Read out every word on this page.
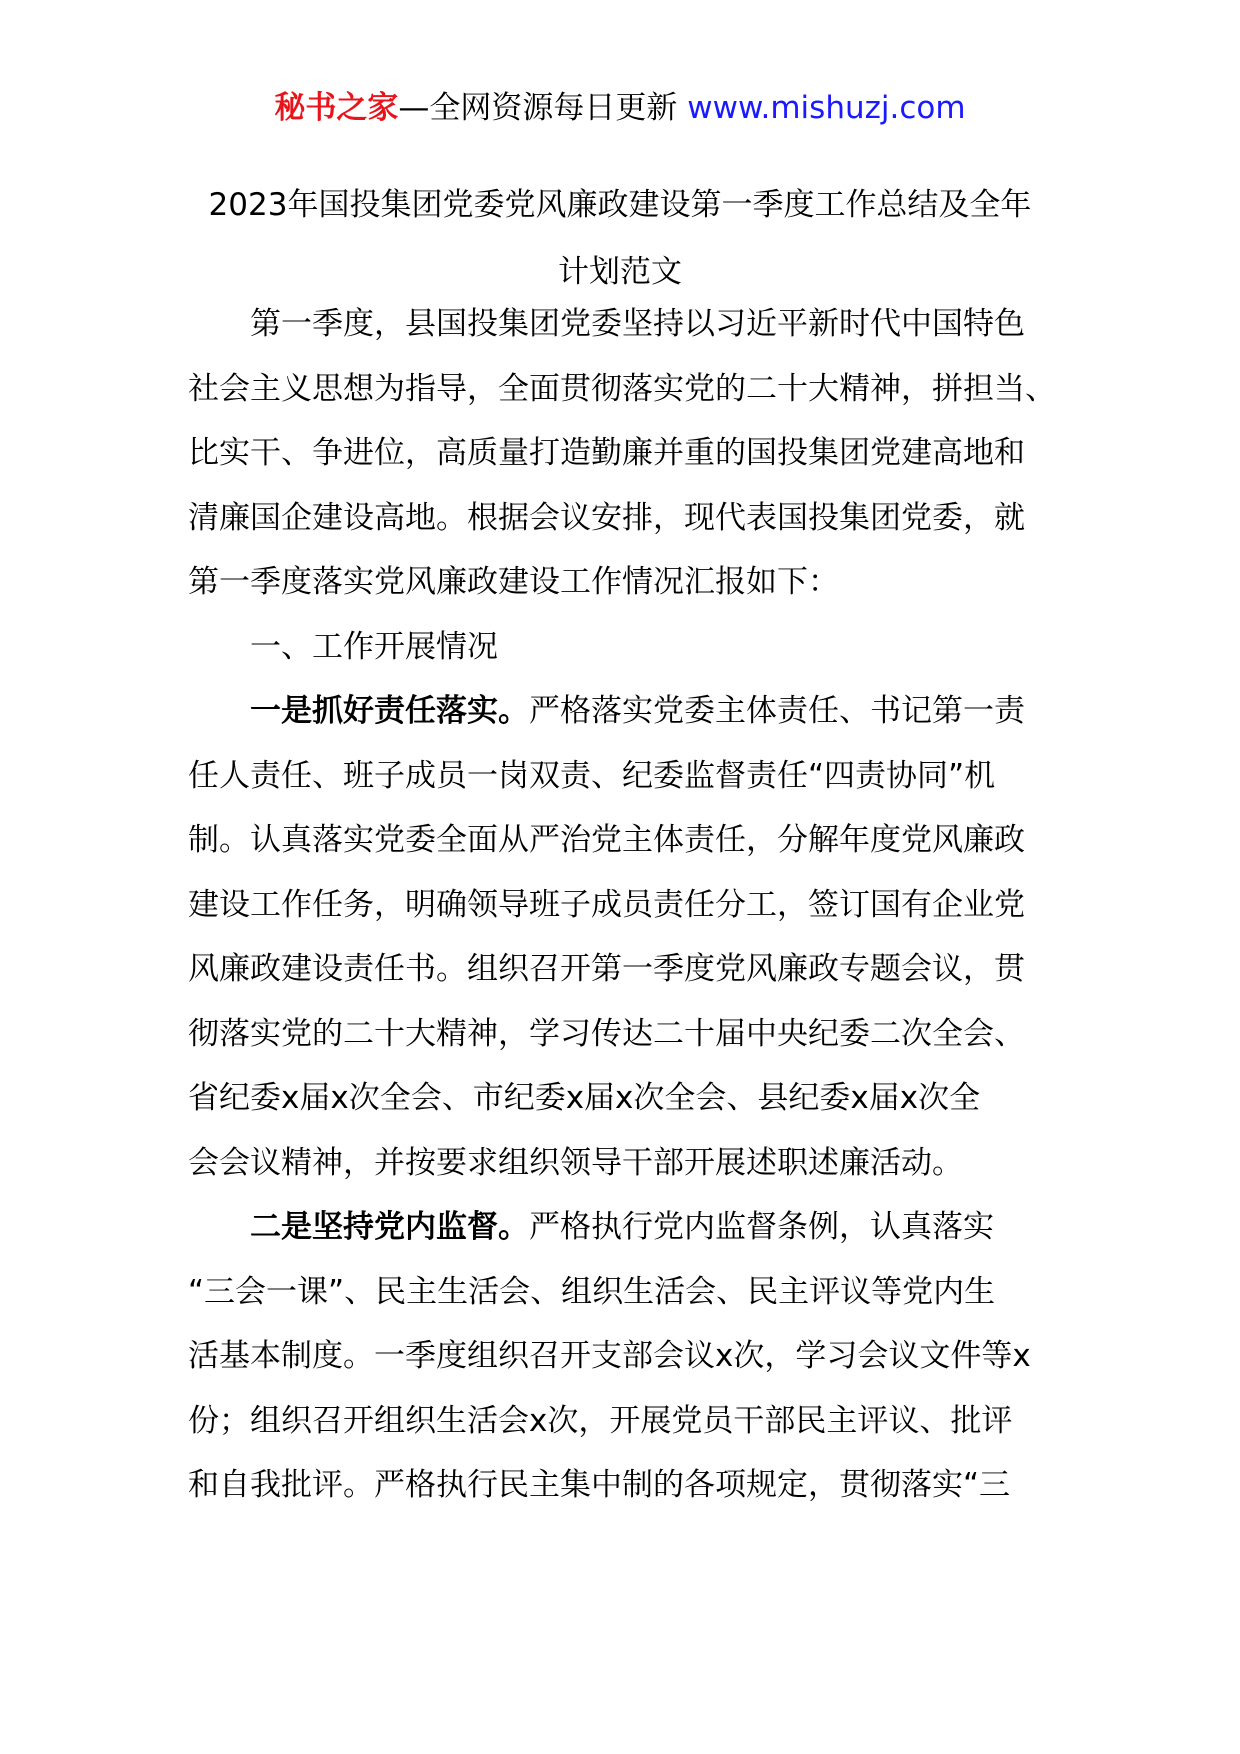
秘书之家—全网资源每日更新 www.mishuzj.com
2023年国投集团党委党风廉政建设第一季度工作总结及全年
计划范文
第一季度，县国投集团党委坚持以习近平新时代中国特色
社会主义思想为指导，全面贯彻落实党的二十大精神，拼担当、
比实干、争进位，高质量打造勤廉并重的国投集团党建高地和
清廉国企建设高地。根据会议安排，现代表国投集团党委，就
第一季度落实党风廉政建设工作情况汇报如下：
一、工作开展情况
一是抓好责任落实。严格落实党委主体责任、书记第一责
任人责任、班子成员一岗双责、纪委监督责任“四责协同”机
制。认真落实党委全面从严治党主体责任，分解年度党风廉政
建设工作任务，明确领导班子成员责任分工，签订国有企业党
风廉政建设责任书。组织召开第一季度党风廉政专题会议，贯
彻落实党的二十大精神，学习传达二十届中央纪委二次全会、
省纪委x届x次全会、市纪委x届x次全会、县纪委x届x次全
会会议精神，并按要求组织领导干部开展述职述廉活动。
二是坚持党内监督。严格执行党内监督条例，认真落实
“三会一课”、民主生活会、组织生活会、民主评议等党内生
活基本制度。一季度组织召开支部会议x次，学习会议文件等x
份；组织召开组织生活会x次，开展党员干部民主评议、批评
和自我批评。严格执行民主集中制的各项规定，贯彻落实“三
